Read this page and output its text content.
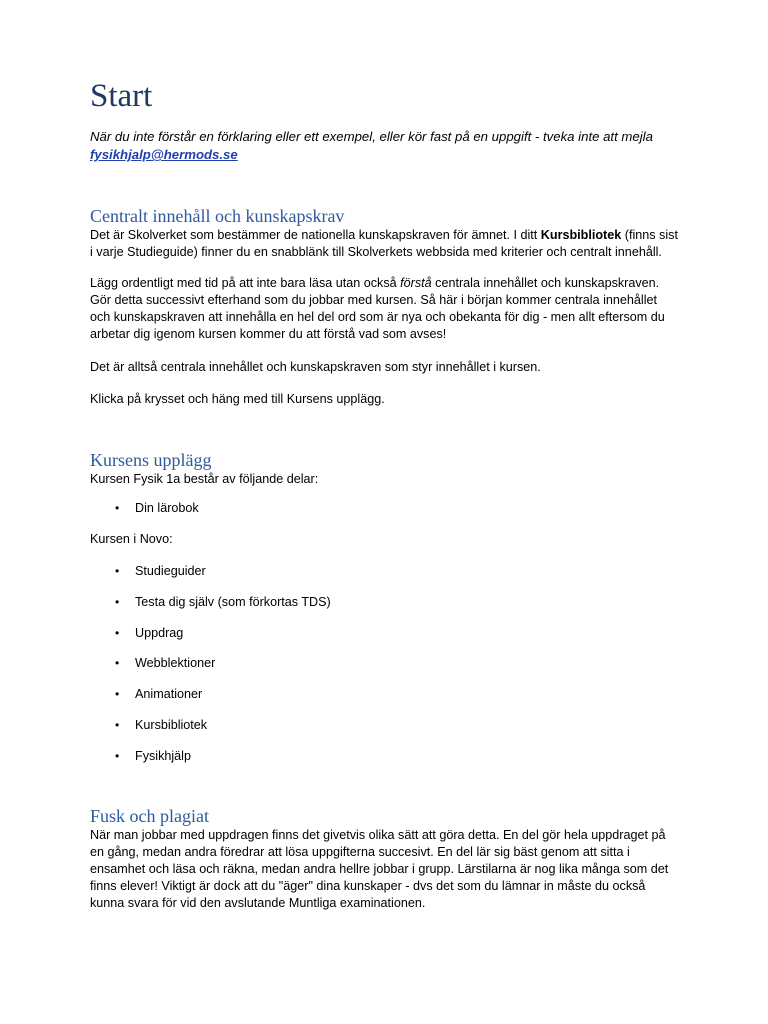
Start

När du inte förstår en förklaring eller ett exempel, eller kör fast på en uppgift - tveka inte att mejla
fysikhjalp@hermods.se

Centralt innehåll och kunskapskrav

Det är Skolverket som bestämmer de nationella kunskapskraven för ämnet. I ditt Kursbibliotek (finns sist i varje Studieguide) finner du en snabblänk till Skolverkets webbsida med kriterier och centralt innehåll.

Lägg ordentligt med tid på att inte bara läsa utan också förstå centrala innehållet och kunskapskraven. Gör detta successivt efterhand som du jobbar med kursen. Så här i början kommer centrala innehållet och kunskapskraven att innehålla en hel del ord som är nya och obekanta för dig - men allt eftersom du arbetar dig igenom kursen kommer du att förstå vad som avses!

Det är alltså centrala innehållet och kunskapskraven som styr innehållet i kursen.

Klicka på krysset och häng med till Kursens upplägg.

Kursens upplägg

Kursen Fysik 1a består av följande delar:

• Din lärobok

Kursen i Novo:

• Studieguider
• Testa dig själv (som förkortas TDS)
• Uppdrag
• Webblektioner
• Animationer
• Kursbibliotek
• Fysikhjälp
Fusk och plagiat

När man jobbar med uppdragen finns det givetvis olika sätt att göra detta. En del gör hela uppdraget på en gång, medan andra föredrar att lösa uppgifterna succesivt. En del lär sig bäst genom att sitta i ensamhet och läsa och räkna, medan andra hellre jobbar i grupp. Lärstilarna är nog lika många som det finns elever! Viktigt är dock att du "äger" dina kunskaper - dvs det som du lämnar in måste du också kunna svara för vid den avslutande Muntliga examinationen.
